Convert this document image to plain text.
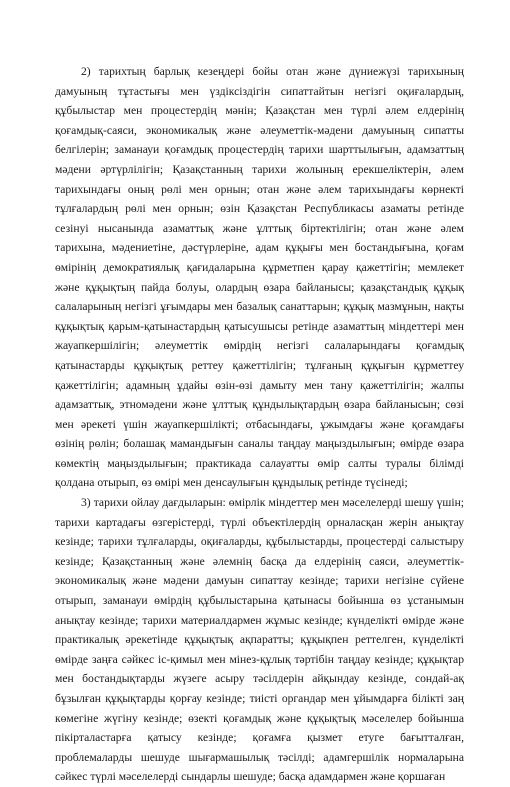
2) тарихтың барлық кезеңдері бойы отан және дүниежүзі тарихының дамуының тұтастығы мен үздіксіздігін сипаттайтын негізгі оқиғалардың, құбылыстар мен процестердің мәнін; Қазақстан мен түрлі әлем елдерінің қоғамдық-саяси, экономикалық және әлеуметтік-мәдени дамуының сипатты белгілерін; заманауи қоғамдық процестердің тарихи шарттылығын, адамзаттың мәдени әртүрлілігін; Қазақстанның тарихи жолының ерекшеліктерін, әлем тарихындағы оның рөлі мен орнын; отан және әлем тарихындағы көрнекті тұлғалардың рөлі мен орнын; өзін Қазақстан Республикасы азаматы ретінде сезінуі нысанында азаматтық және ұлттық біртектілігін; отан және әлем тарихына, мәдениетіне, дәстүрлеріне, адам құқығы мен бостандығына, қоғам өмірінің демократиялық қағидаларына құрметпен қарау қажеттігін; мемлекет және құқықтың пайда болуы, олардың өзара байланысы; қазақстандық құқық салаларының негізгі ұғымдары мен базалық санаттарын; құқық мазмұнын, нақты құқықтық қарым-қатынастардың қатысушысы ретінде азаматтың міндеттері мен жауапкершілігін; әлеуметтік өмірдің негізгі салаларындағы қоғамдық қатынастарды құқықтық реттеу қажеттілігін; тұлғаның құқығын құрметтеу қажеттілігін; адамның ұдайы өзін-өзі дамыту мен тану қажеттілігін; жалпы адамзаттық, этномәдени және ұлттық құндылықтардың өзара байланысын; сөзі мен әрекеті үшін жауапкершілікті; отбасындағы, ұжымдағы және қоғамдағы өзінің рөлін; болашақ мамандығын саналы таңдау маңыздылығын; өмірде өзара көмектің маңыздылығын; практикада салауатты өмір салты туралы білімді қолдана отырып, өз өмірі мен денсаулығын құндылық ретінде түсінеді;

3) тарихи ойлау дағдыларын: өмірлік міндеттер мен мәселелерді шешу үшін; тарихи картадағы өзгерістерді, түрлі объектілердің орналасқан жерін анықтау кезінде; тарихи тұлғаларды, оқиғаларды, құбылыстарды, процестерді салыстыру кезінде; Қазақстанның және әлемнің басқа да елдерінің саяси, әлеуметтік-экономикалық және мәдени дамуын сипаттау кезінде; тарихи негізіне сүйене отырып, заманауи өмірдің құбылыстарына қатынасы бойынша өз ұстанымын анықтау кезінде; тарихи материалдармен жұмыс кезінде; күнделікті өмірде және практикалық әрекетінде құқықтық ақпаратты; құқықпен реттелген, күнделікті өмірде заңға сәйкес іс-қимыл мен мінез-құлық тәртібін таңдау кезінде; құқықтар мен бостандықтарды жүзеге асыру тәсілдерін айқындау кезінде, сондай-ақ бұзылған құқықтарды қорғау кезінде; тиісті органдар мен ұйымдарға білікті заң көмегіне жүгіну кезінде; өзекті қоғамдық және құқықтық мәселелер бойынша пікірталастарға қатысу кезінде; қоғамға қызмет етуге бағытталған, проблемаларды шешуде шығармашылық тәсілді; адамгершілік нормаларына сәйкес түрлі мәселелерді сындарлы шешуде; басқа адамдармен және қоршаған
